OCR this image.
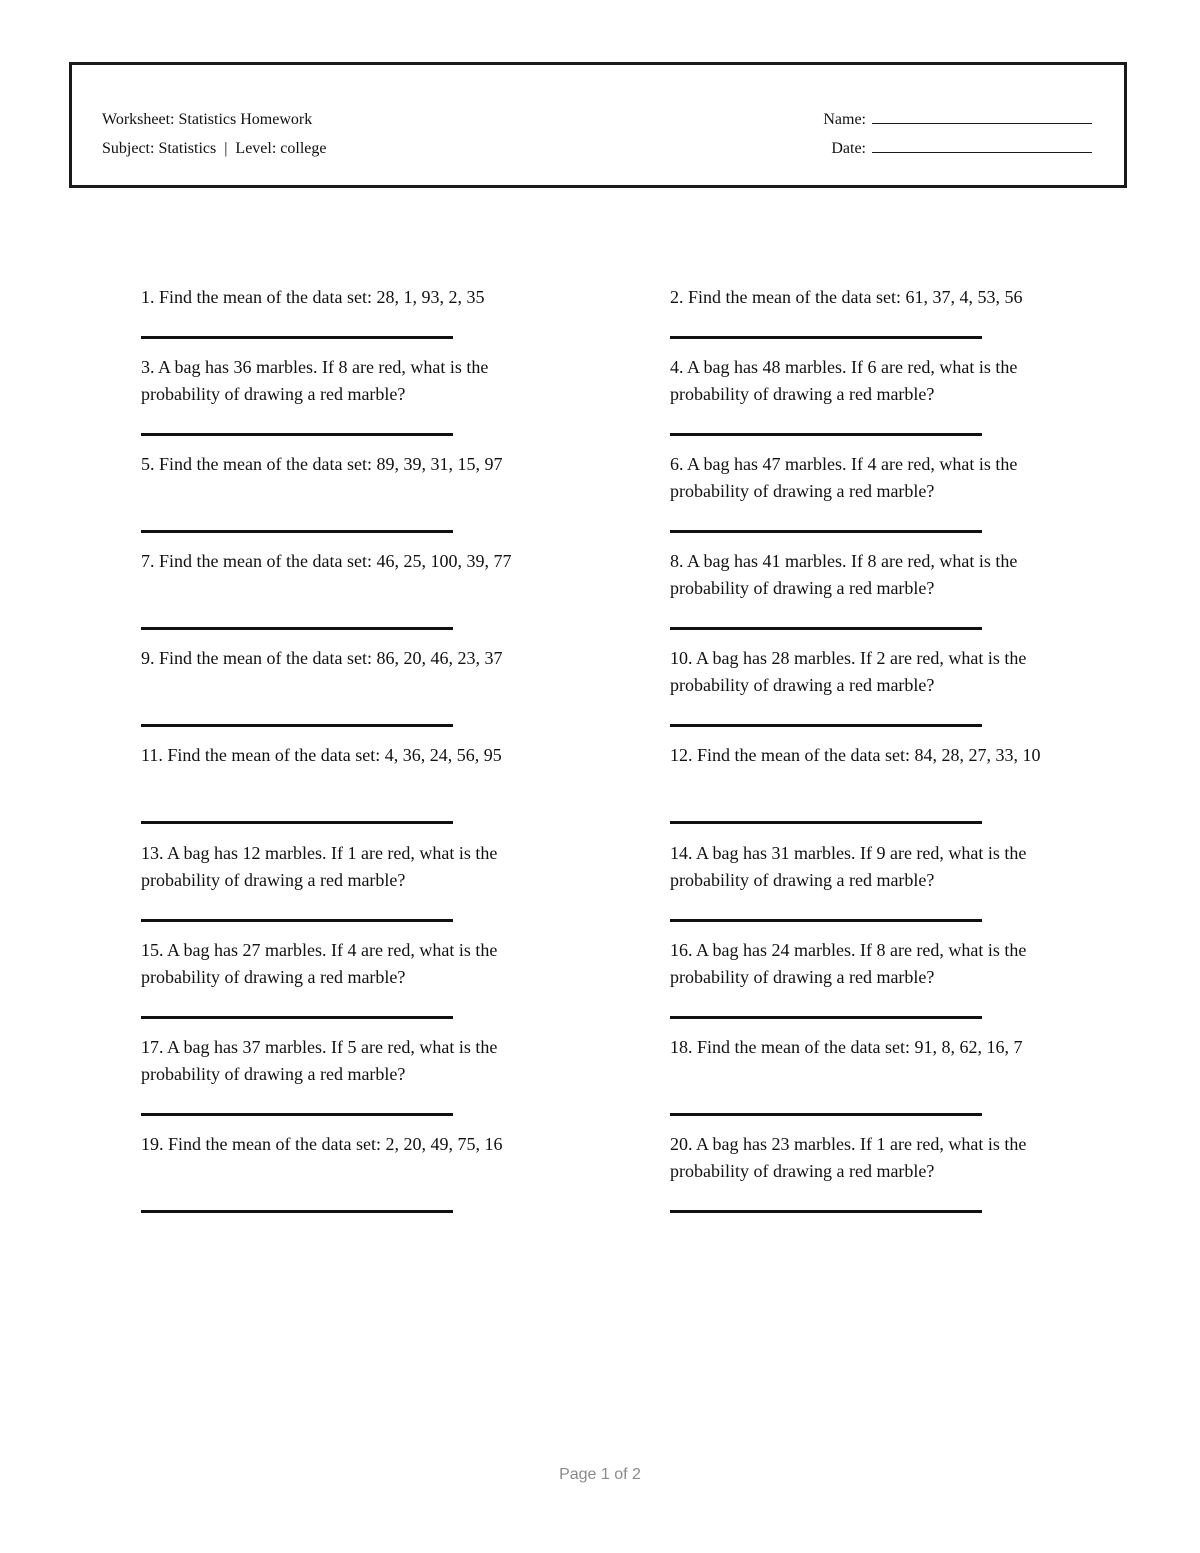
Worksheet: Statistics Homework
Subject: Statistics | Level: college
Name:
Date:
1. Find the mean of the data set: 28, 1, 93, 2, 35	2. Find the mean of the data set: 61, 37, 4, 53, 56
3. A bag has 36 marbles. If 8 are red, what is the probability of drawing a red marble?
4. A bag has 48 marbles. If 6 are red, what is the probability of drawing a red marble?
5. Find the mean of the data set: 89, 39, 31, 15, 97	6. A bag has 47 marbles. If 4 are red, what is the probability of drawing a red marble?
7. Find the mean of the data set: 46, 25, 100, 39, 77	8. A bag has 41 marbles. If 8 are red, what is the probability of drawing a red marble?
9. Find the mean of the data set: 86, 20, 46, 23, 37	10. A bag has 28 marbles. If 2 are red, what is the probability of drawing a red marble?
11. Find the mean of the data set: 4, 36, 24, 56, 95	12. Find the mean of the data set: 84, 28, 27, 33, 10
13. A bag has 12 marbles. If 1 are red, what is the probability of drawing a red marble?
14. A bag has 31 marbles. If 9 are red, what is the probability of drawing a red marble?
15. A bag has 27 marbles. If 4 are red, what is the probability of drawing a red marble?
16. A bag has 24 marbles. If 8 are red, what is the probability of drawing a red marble?
17. A bag has 37 marbles. If 5 are red, what is the probability of drawing a red marble?
18. Find the mean of the data set: 91, 8, 62, 16, 7
19. Find the mean of the data set: 2, 20, 49, 75, 16	20. A bag has 23 marbles. If 1 are red, what is the probability of drawing a red marble?
Page 1 of 2
